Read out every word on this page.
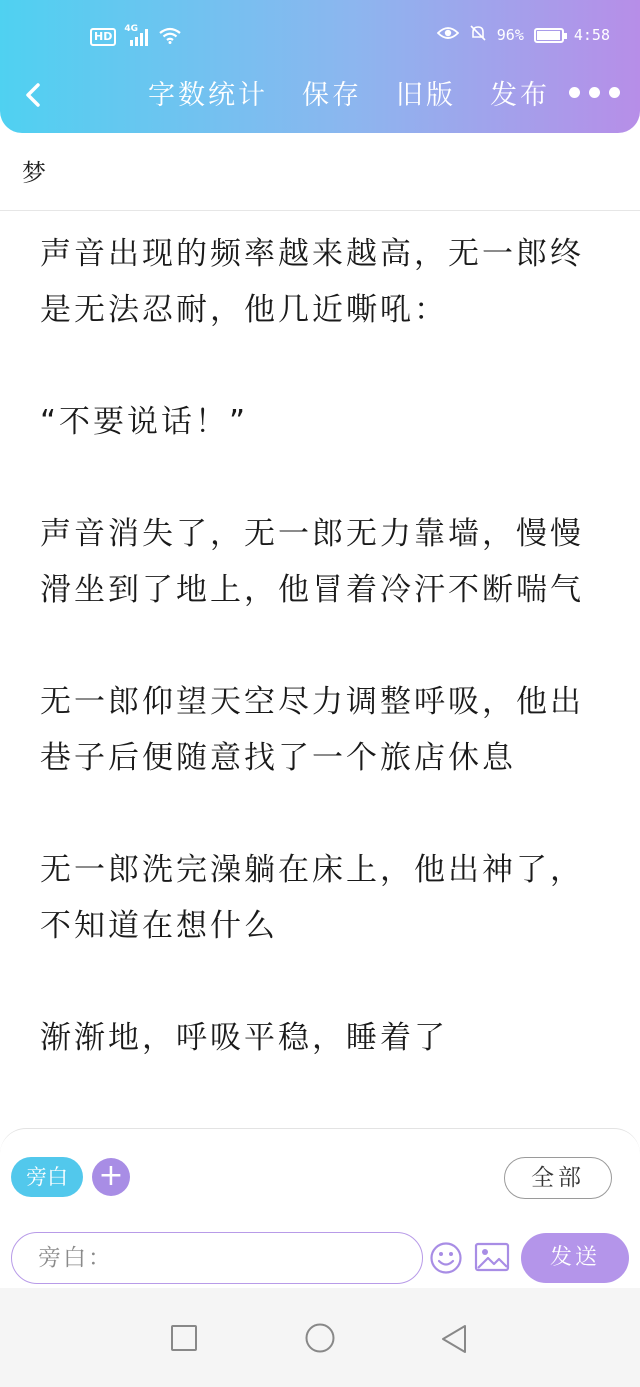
HD
4G	96%	4:58
字数统计 保存 旧版 发布
梦

声音出现的频率越来越高，无一郎终是无法忍耐，他几近嘶吼：

“不要说话！”

声音消失了，无一郎无力靠墙，慢慢滑坐到了地上，他冒着冷汗不断喘气

无一郎仰望天空尽力调整呼吸，他出巷子后便随意找了一个旅店休息

无一郎洗完澡躺在床上，他出神了，不知道在想什么

渐渐地，呼吸平稳，睡着了

旁白	+	全部
旁白：
发送
